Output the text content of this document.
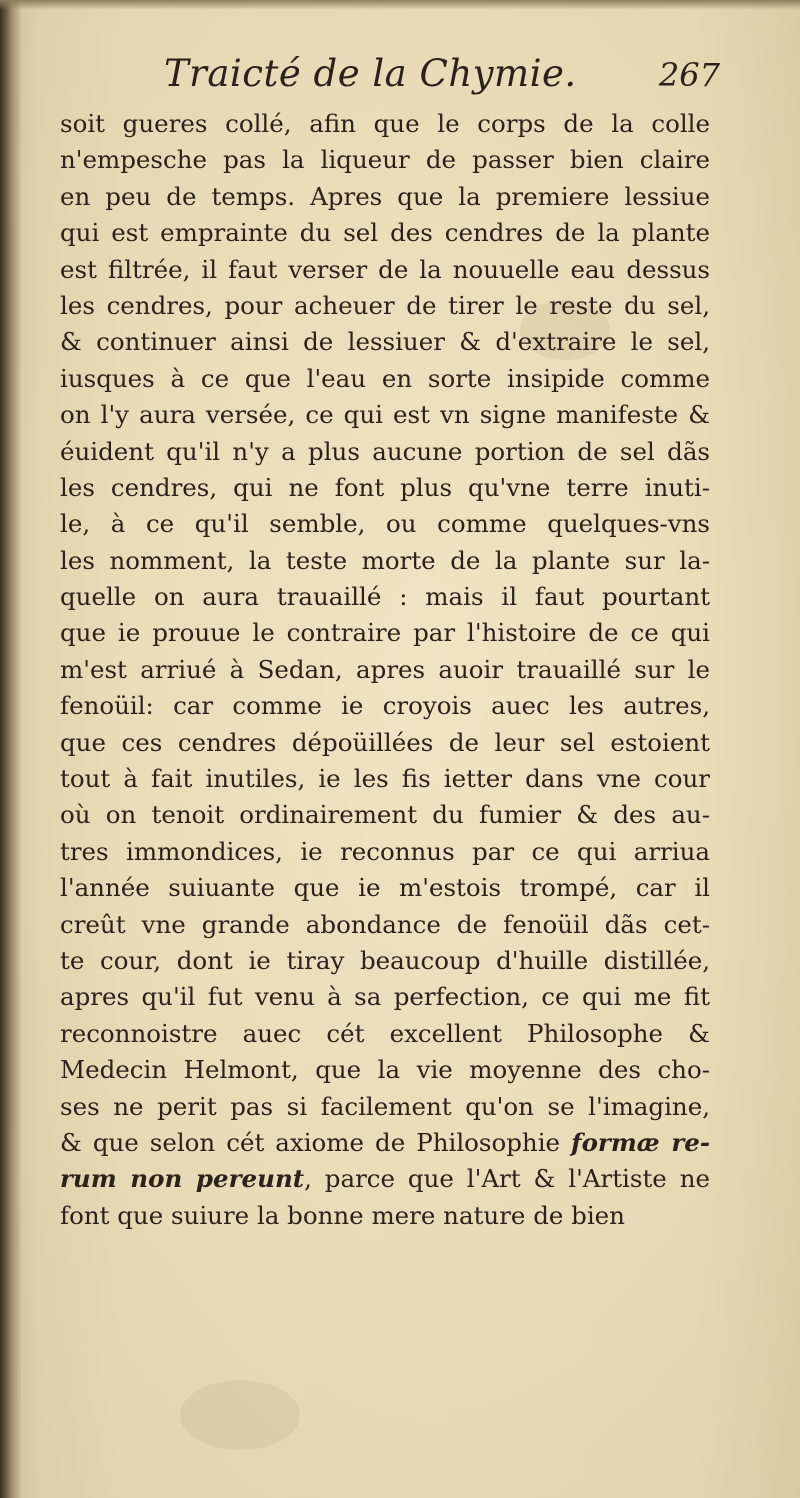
Traicté de la Chymie.	267
soit gueres collé, afin que le corps de la colle
n'empesche pas la liqueur de passer bien claire
en peu de temps. Apres que la premiere lessiue
qui est emprainte du sel des cendres de la plante
est filtrée, il faut verser de la nouuelle eau dessus
les cendres, pour acheuer de tirer le reste du sel,
& continuer ainsi de lessiuer & d'extraire le sel,
iusques à ce que l'eau en sorte insipide comme
on l'y aura versée, ce qui est vn signe manifeste &
éuident qu'il n'y a plus aucune portion de sel dãs
les cendres, qui ne font plus qu'vne terre inuti-
le, à ce qu'il semble, ou comme quelques-vns
les nomment, la teste morte de la plante sur la-
quelle on aura trauaillé : mais il faut pourtant
que ie prouue le contraire par l'histoire de ce qui
m'est arriué à Sedan, apres auoir trauaillé sur le
fenoüil: car comme ie croyois auec les autres,
que ces cendres dépoüillées de leur sel estoient
tout à fait inutiles, ie les fis ietter dans vne cour
où on tenoit ordinairement du fumier & des au-
tres immondices, ie reconnus par ce qui arriua
l'année suiuante que ie m'estois trompé, car il
creût vne grande abondance de fenoüil dãs cet-
te cour, dont ie tiray beaucoup d'huille distillée,
apres qu'il fut venu à sa perfection, ce qui me fit
reconnoistre auec cét excellent Philosophe &
Medecin Helmont, que la vie moyenne des cho-
ses ne perit pas si facilement qu'on se l'imagine,
& que selon cét axiome de Philosophie formæ re-
rum non pereunt, parce que l'Art & l'Artiste ne
font que suiure la bonne mere nature de bien
